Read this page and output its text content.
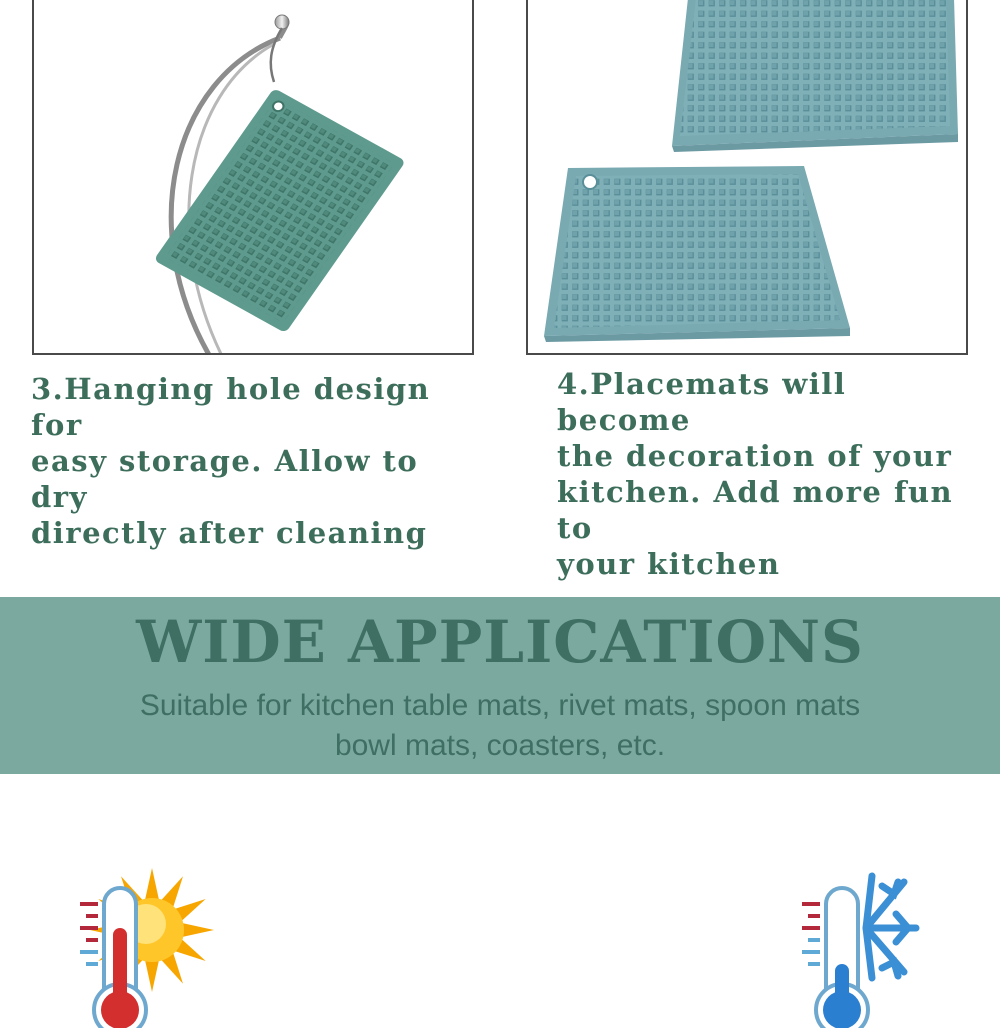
3.Hanging hole design for
easy storage. Allow to dry
directly after cleaning

4.Placemats will become
the decoration of your
kitchen. Add more fun to
your kitchen

WIDE APPLICATIONS

Suitable for kitchen table mats, rivet mats, spoon mats

bowl mats, coasters, etc.
